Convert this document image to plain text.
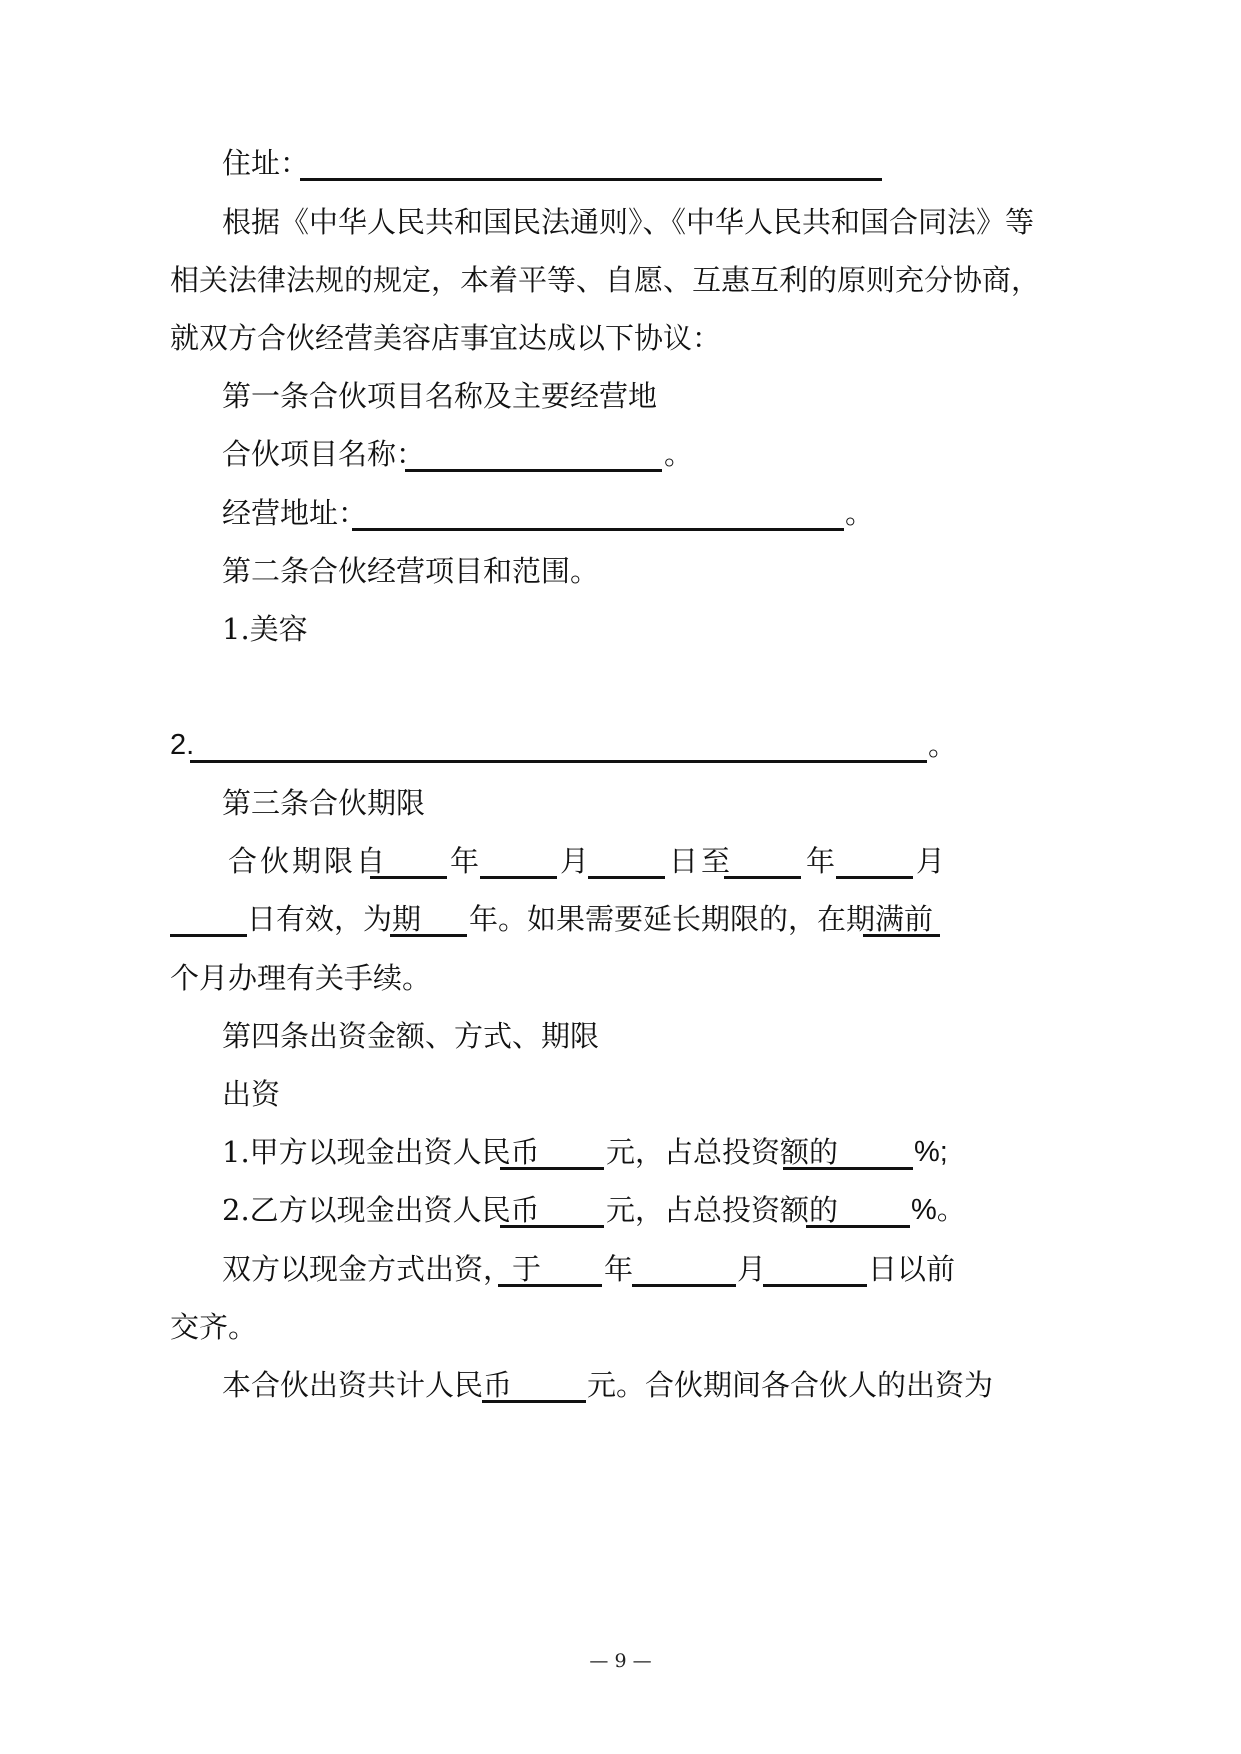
住址：
根据《中华人民共和国民法通则》、《中华人民共和国合同法》等
相关法律法规的规定，本着平等、自愿、互惠互利的原则充分协商，
就双方合伙经营美容店事宜达成以下协议：
第一条合伙项目名称及主要经营地
合伙项目名称：	。
经营地址：	。
第二条合伙经营项目和范围。
1.美容
2.	。
第三条合伙期限
合伙期限自 年	月	日至	年	月
日有效，为期 年。如果需要延长期限的，在期满前
个月办理有关手续。
第四条出资金额、方式、期限
出资
1.甲方以现金出资人民币 元，占总投资额的	%;
2.乙方以现金出资人民币 元，占总投资额的	%。
双方以现金方式出资，于 年	月	日以前
交齐。
本合伙出资共计人民币	元。合伙期间各合伙人的出资为
— 9 —
